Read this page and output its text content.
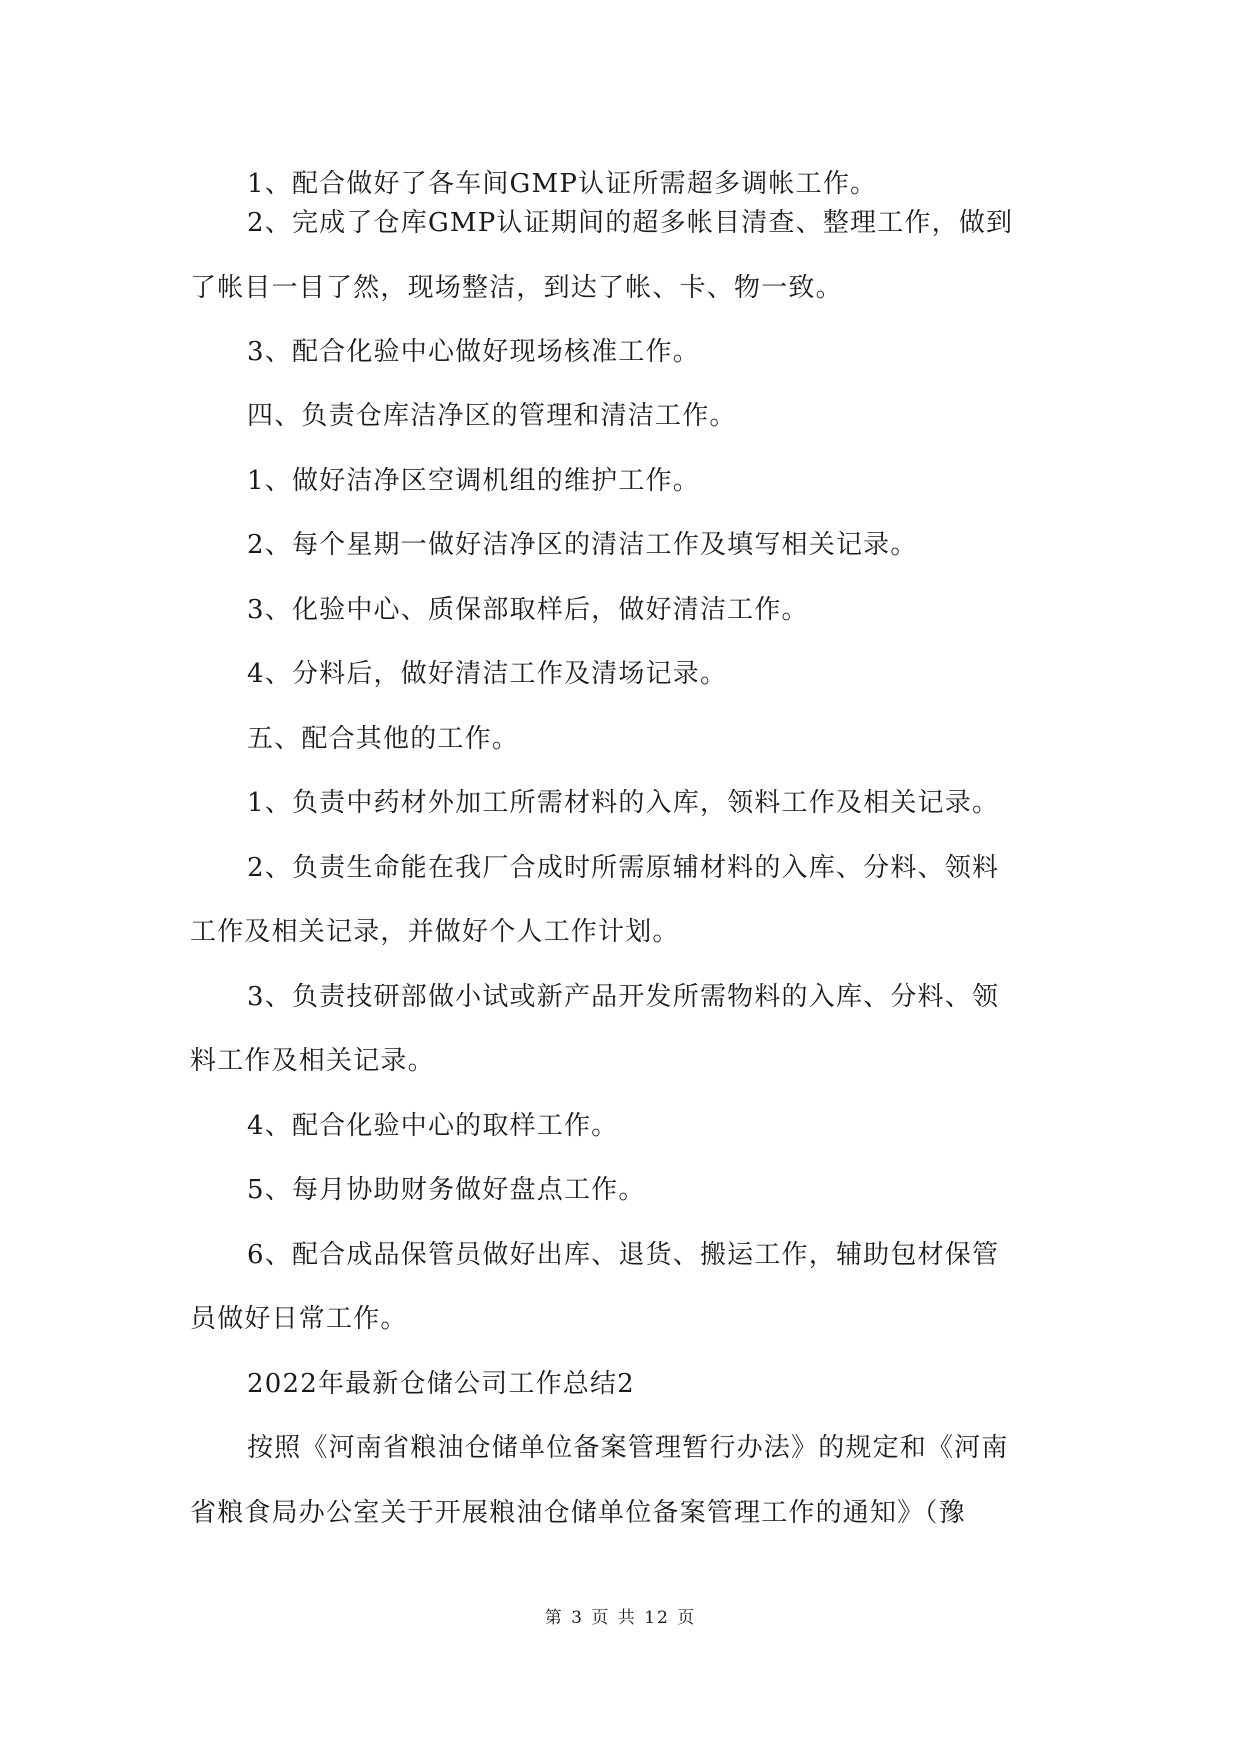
1、配合做好了各车间GMP认证所需超多调帐工作。
2、完成了仓库GMP认证期间的超多帐目清查、整理工作，做到
了帐目一目了然，现场整洁，到达了帐、卡、物一致。
3、配合化验中心做好现场核准工作。
四、负责仓库洁净区的管理和清洁工作。
1、做好洁净区空调机组的维护工作。
2、每个星期一做好洁净区的清洁工作及填写相关记录。
3、化验中心、质保部取样后，做好清洁工作。
4、分料后，做好清洁工作及清场记录。
五、配合其他的工作。
1、负责中药材外加工所需材料的入库，领料工作及相关记录。
2、负责生命能在我厂合成时所需原辅材料的入库、分料、领料
工作及相关记录，并做好个人工作计划。
3、负责技研部做小试或新产品开发所需物料的入库、分料、领
料工作及相关记录。
4、配合化验中心的取样工作。
5、每月协助财务做好盘点工作。
6、配合成品保管员做好出库、退货、搬运工作，辅助包材保管
员做好日常工作。
2022年最新仓储公司工作总结2
按照《河南省粮油仓储单位备案管理暂行办法》的规定和《河南
省粮食局办公室关于开展粮油仓储单位备案管理工作的通知》（豫
第 3 页 共 12 页
